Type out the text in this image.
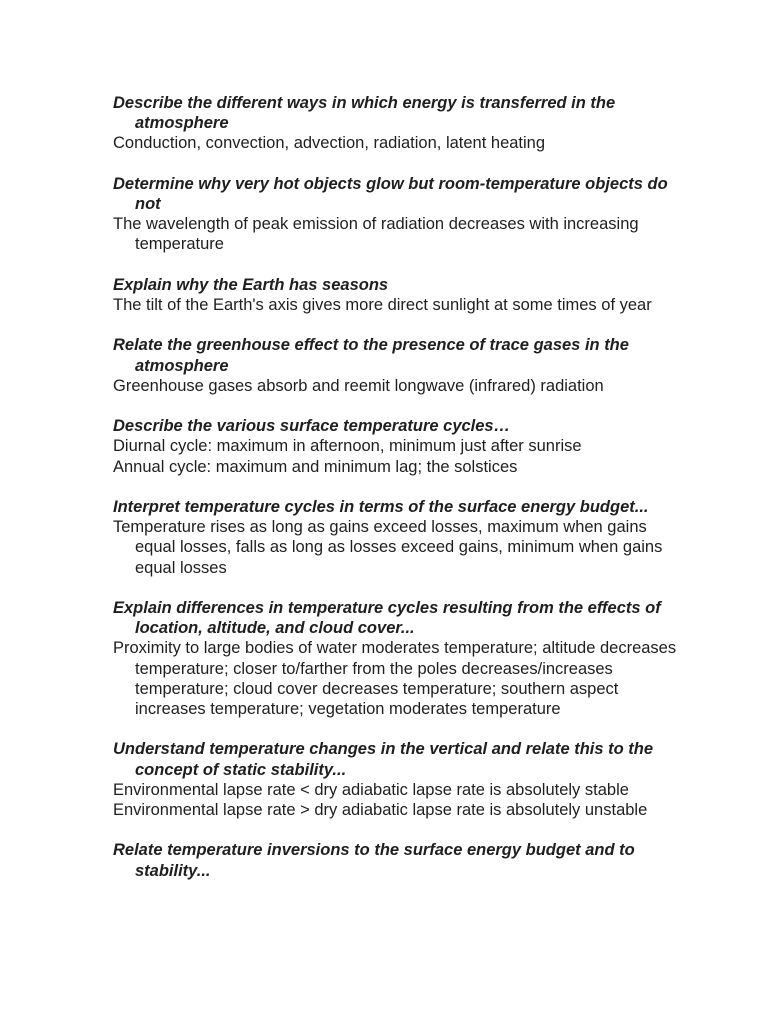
Describe the different ways in which energy is transferred in the atmosphere
Conduction, convection, advection, radiation, latent heating
Determine why very hot objects glow but room-temperature objects do not
The wavelength of peak emission of radiation decreases with increasing temperature
Explain why the Earth has seasons
The tilt of the Earth's axis gives more direct sunlight at some times of year
Relate the greenhouse effect to the presence of trace gases in the atmosphere
Greenhouse gases absorb and reemit longwave (infrared) radiation
Describe the various surface temperature cycles…
Diurnal cycle: maximum in afternoon, minimum just after sunrise
Annual cycle: maximum and minimum lag; the solstices
Interpret temperature cycles in terms of the surface energy budget...
Temperature rises as long as gains exceed losses, maximum when gains equal losses, falls as long as losses exceed gains, minimum when gains equal losses
Explain differences in temperature cycles resulting from the effects of location, altitude, and cloud cover...
Proximity to large bodies of water moderates temperature; altitude decreases temperature; closer to/farther from the poles decreases/increases temperature; cloud cover decreases temperature; southern aspect increases temperature; vegetation moderates temperature
Understand temperature changes in the vertical and relate this to the concept of static stability...
Environmental lapse rate < dry adiabatic lapse rate is absolutely stable
Environmental lapse rate > dry adiabatic lapse rate is absolutely unstable
Relate temperature inversions to the surface energy budget and to stability...
